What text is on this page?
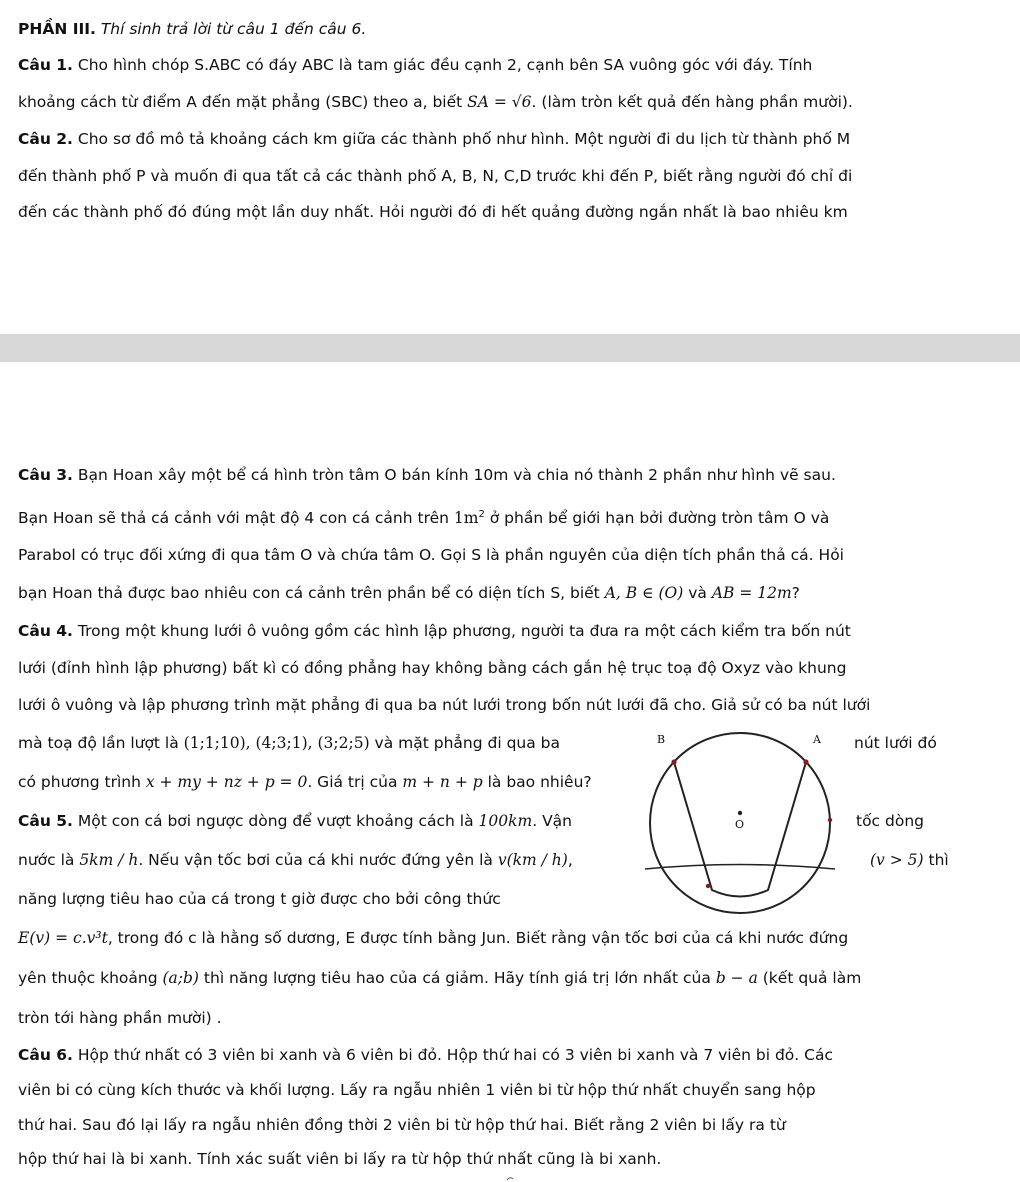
PHẦN III. Thí sinh trả lời từ câu 1 đến câu 6.
Câu 1. Cho hình chóp S.ABC có đáy ABC là tam giác đều cạnh 2, cạnh bên SA vuông góc với đáy. Tính
khoảng cách từ điểm A đến mặt phẳng (SBC) theo a, biết SA = √6. (làm tròn kết quả đến hàng phần mười).
Câu 2. Cho sơ đồ mô tả khoảng cách km giữa các thành phố như hình. Một người đi du lịch từ thành phố M
đến thành phố P và muốn đi qua tất cả các thành phố A, B, N, C,D trước khi đến P, biết rằng người đó chỉ đi
đến các thành phố đó đúng một lần duy nhất. Hỏi người đó đi hết quảng đường ngắn nhất là bao nhiêu km
Câu 3. Bạn Hoan xây một bể cá hình tròn tâm O bán kính 10m và chia nó thành 2 phần như hình vẽ sau.
Bạn Hoan sẽ thả cá cảnh với mật độ 4 con cá cảnh trên $1m^2$ ở phần bể giới hạn bởi đường tròn tâm O và
Parabol có trục đối xứng đi qua tâm O và chứa tâm O. Gọi S là phần nguyên của diện tích phần thả cá. Hỏi
bạn Hoan thả được bao nhiêu con cá cảnh trên phần bể có diện tích S, biết A, B ∈ (O) và AB = 12m?
Câu 4. Trong một khung lưới ô vuông gồm các hình lập phương, người ta đưa ra một cách kiểm tra bốn nút
lưới (đỉnh hình lập phương) bất kì có đồng phẳng hay không bằng cách gắn hệ trục toạ độ Oxyz vào khung
lưới ô vuông và lập phương trình mặt phẳng đi qua ba nút lưới trong bốn nút lưới đã cho. Giả sử có ba nút lưới
mà toạ độ lần lượt là (1;1;10), (4;3;1), (3;2;5) và mặt phẳng đi qua ba	nút lưới đó
có phương trình x + my + nz + p = 0. Giá trị của m + n + p là bao nhiêu?
Câu 5. Một con cá bơi ngược dòng để vượt khoảng cách là 100km. Vận	tốc dòng
nước là 5km / h. Nếu vận tốc bơi của cá khi nước đứng yên là v(km / h),	(v > 5) thì
năng lượng tiêu hao của cá trong t giờ được cho bởi công thức
E(v) = c.v³t, trong đó c là hằng số dương, E được tính bằng Jun. Biết rằng vận tốc bơi của cá khi nước đứng
yên thuộc khoảng (a;b) thì năng lượng tiêu hao của cá giảm. Hãy tính giá trị lớn nhất của b − a (kết quả làm
tròn tới hàng phần mười) .
Câu 6. Hộp thứ nhất có 3 viên bi xanh và 6 viên bi đỏ. Hộp thứ hai có 3 viên bi xanh và 7 viên bi đỏ. Các
viên bi có cùng kích thước và khối lượng. Lấy ra ngẫu nhiên 1 viên bi từ hộp thứ nhất chuyển sang hộp
thứ hai. Sau đó lại lấy ra ngẫu nhiên đồng thời 2 viên bi từ hộp thứ hai. Biết rằng 2 viên bi lấy ra từ
hộp thứ hai là bi xanh. Tính xác suất viên bi lấy ra từ hộp thứ nhất cũng là bi xanh.
B	A
O
